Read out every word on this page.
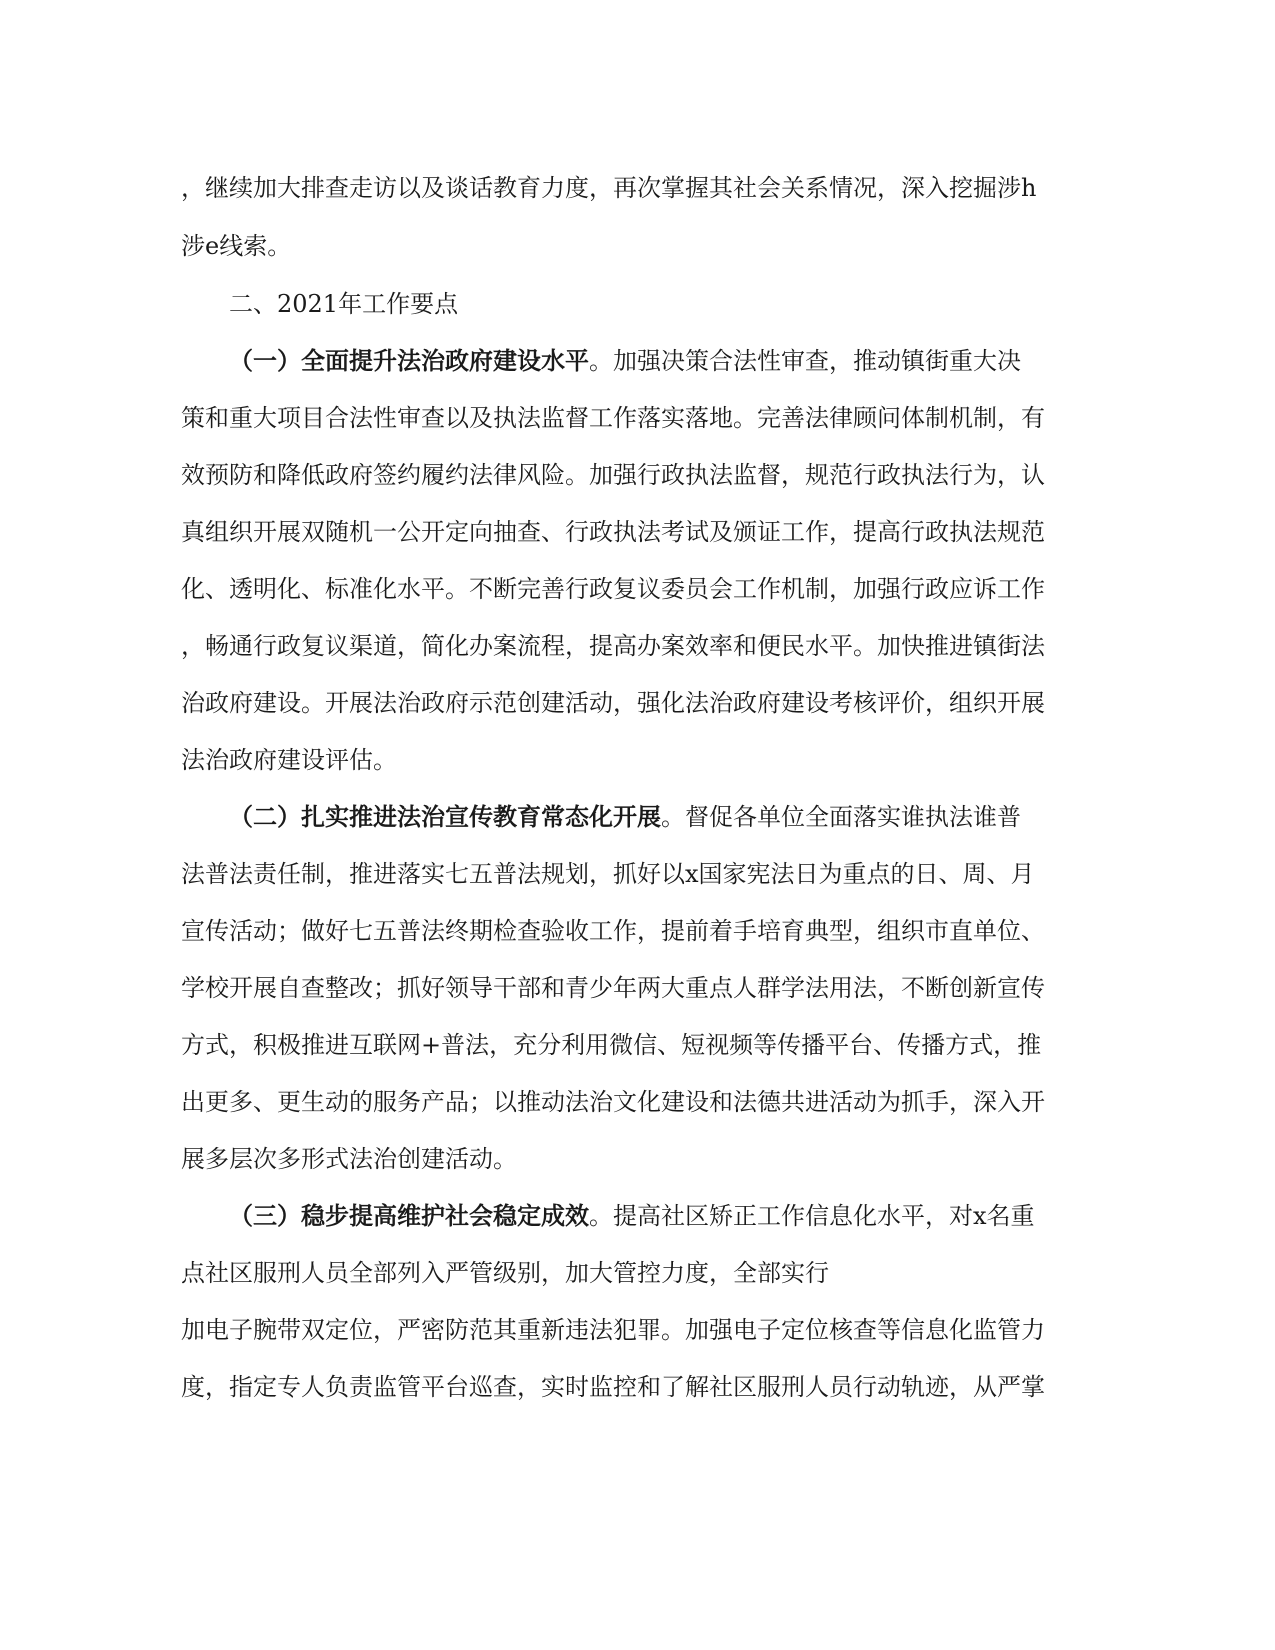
，继续加大排查走访以及谈话教育力度，再次掌握其社会关系情况，深入挖掘涉h
涉e线索。
二、2021年工作要点
（一）全面提升法治政府建设水平 。加强决策合法性审查，推动镇街重大决
策和重大项目合法性审查以及执法监督工作落实落地。完善法律顾问体制机制，有
效预防和降低政府签约履约法律风险。加强行政执法监督，规范行政执法行为，认
真组织开展双随机一公开定向抽查、行政执法考试及颁证工作，提高行政执法规范
化、透明化、标准化水平。不断完善行政复议委员会工作机制，加强行政应诉工作
，畅通行政复议渠道，简化办案流程，提高办案效率和便民水平。加快推进镇街法
治政府建设。开展法治政府示范创建活动，强化法治政府建设考核评价，组织开展
法治政府建设评估。
（二）扎实推进法治宣传教育常态化开展 。督促各单位全面落实谁执法谁普
法普法责任制，推进落实七五普法规划，抓好以x国家宪法日为重点的日、周、月
宣传活动；做好七五普法终期检查验收工作，提前着手培育典型，组织市直单位、
学校开展自查整改；抓好领导干部和青少年两大重点人群学法用法，不断创新宣传
方式，积极推进互联网+普法，充分利用微信、短视频等传播平台、传播方式，推
出更多、更生动的服务产品；以推动法治文化建设和法德共进活动为抓手，深入开
展多层次多形式法治创建活动。
（三）稳步提高维护社会稳定成效 。提高社区矫正工作信息化水平，对x名重
点社区服刑人员全部列入严管级别，加大管控力度，全部实行
加电子腕带双定位，严密防范其重新违法犯罪。加强电子定位核查等信息化监管力
度，指定专人负责监管平台巡查，实时监控和了解社区服刑人员行动轨迹，从严掌
